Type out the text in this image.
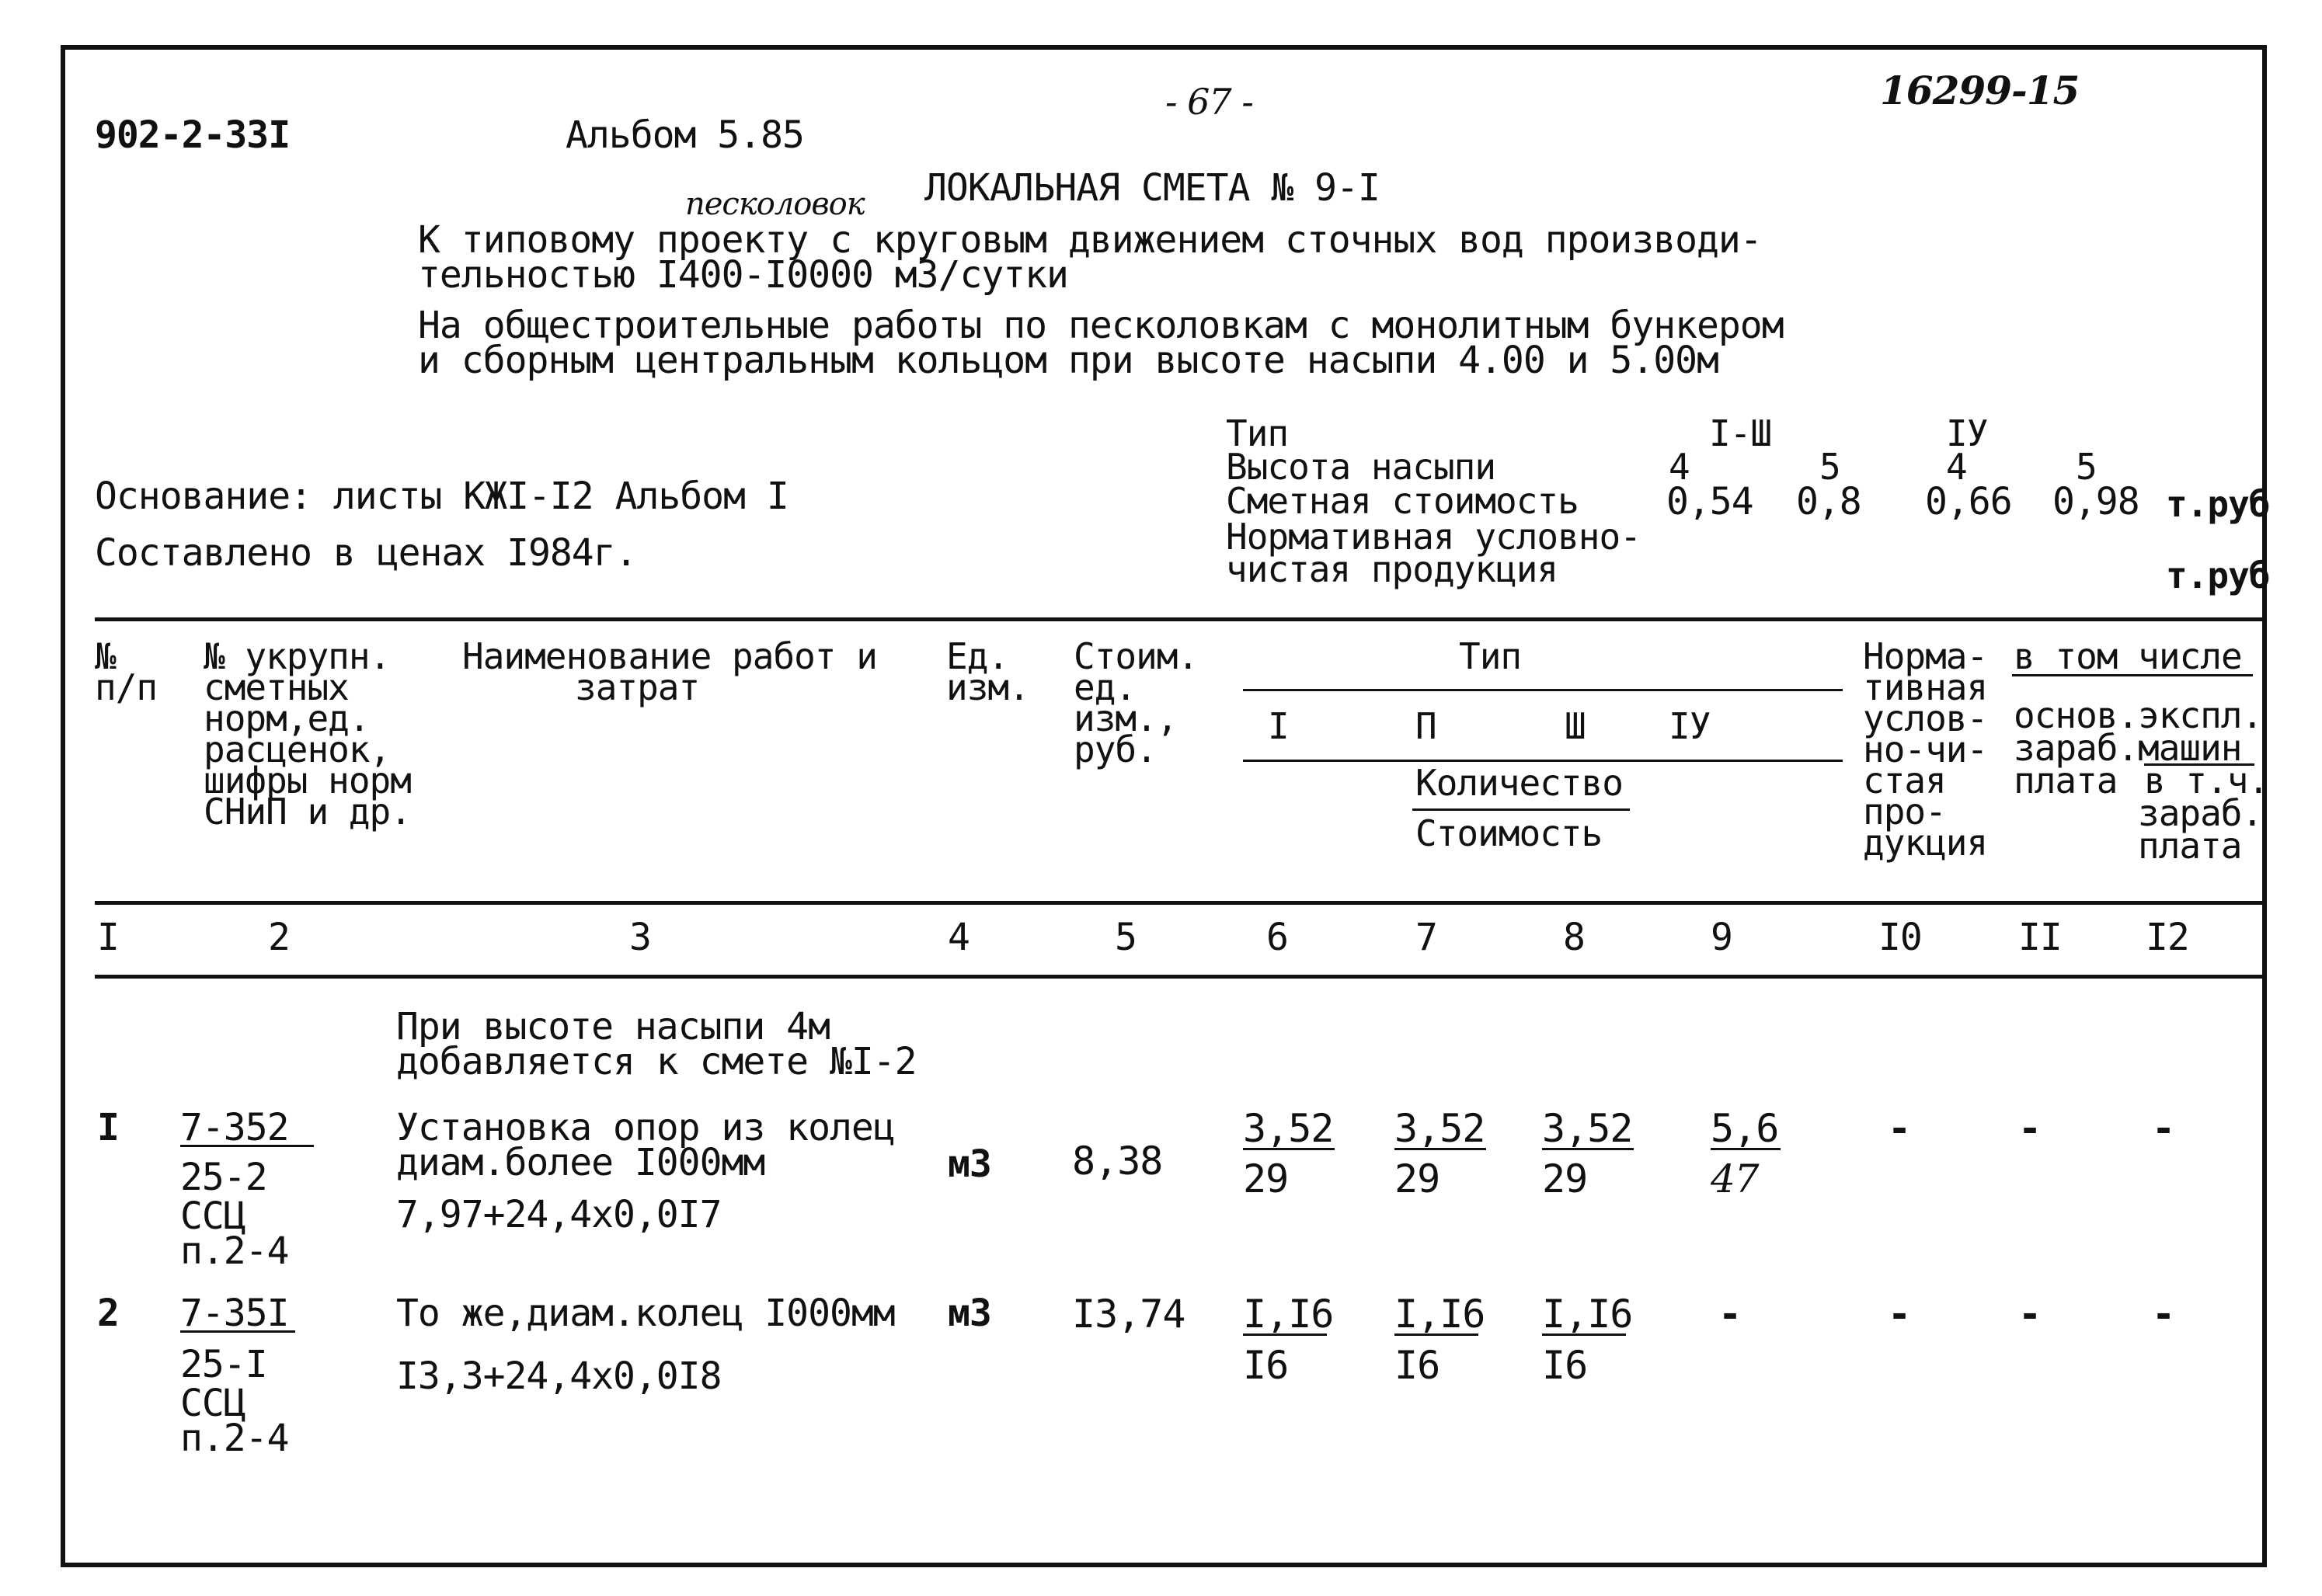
902-2-33I	Альбом 5.85
- 67 -	16299-15
ЛОКАЛЬНАЯ СМЕТА № 9-I
песколовок
К типовому проекту с круговым движением сточных вод производи-
тельностью I400-I0000 м3/сутки
На общестроительные работы по песколовкам с монолитным бункером
и сборным центральным кольцом при высоте насыпи 4.00 и 5.00м
Основание: листы КЖI-I2 Альбом I
Составлено в ценах I984г.
Тип	I-Ш	IУ
Высота насыпи	4	5	4	5
Сметная стоимость 0,54 0,8 0,66 0,98 т.руб
Нормативная условно-
чистая продукция	т.руб
№
п/п
№ укрупн.
сметных
норм,ед.
расценок,
шифры норм
СНиП и др.
Наименование работ и
затрат
Ед.
изм.
Стоим.
ед.
изм.,
руб.
Тип
I	П	Ш IУ
Количество
Стоимость
Норма-
тивная
услов-
но-чи-
стая
про-
дукция
в том числе
основ.
зараб.
плата
экспл.
машин
в т.ч.
зараб.
плата
I	2	3	4	5	6	7	8	9	I0	II I2
При высоте насыпи 4м
добавляется к смете №I-2
I 7-352
25-2
ССЦ
п.2-4
Установка опор из колец
диам.более I000мм
7,97+24,4x0,0I7
м3 8,38
3,52 3,52 3,52 5,6
29	29	29	47
-	-	-
2 7-35I
25-I
ССЦ
п.2-4
То же,диам.колец I000мм
I3,3+24,4x0,0I8
м3 I3,74 I,I6 I,I6 I,I6 -
I6	I6	I6
-	-	-
